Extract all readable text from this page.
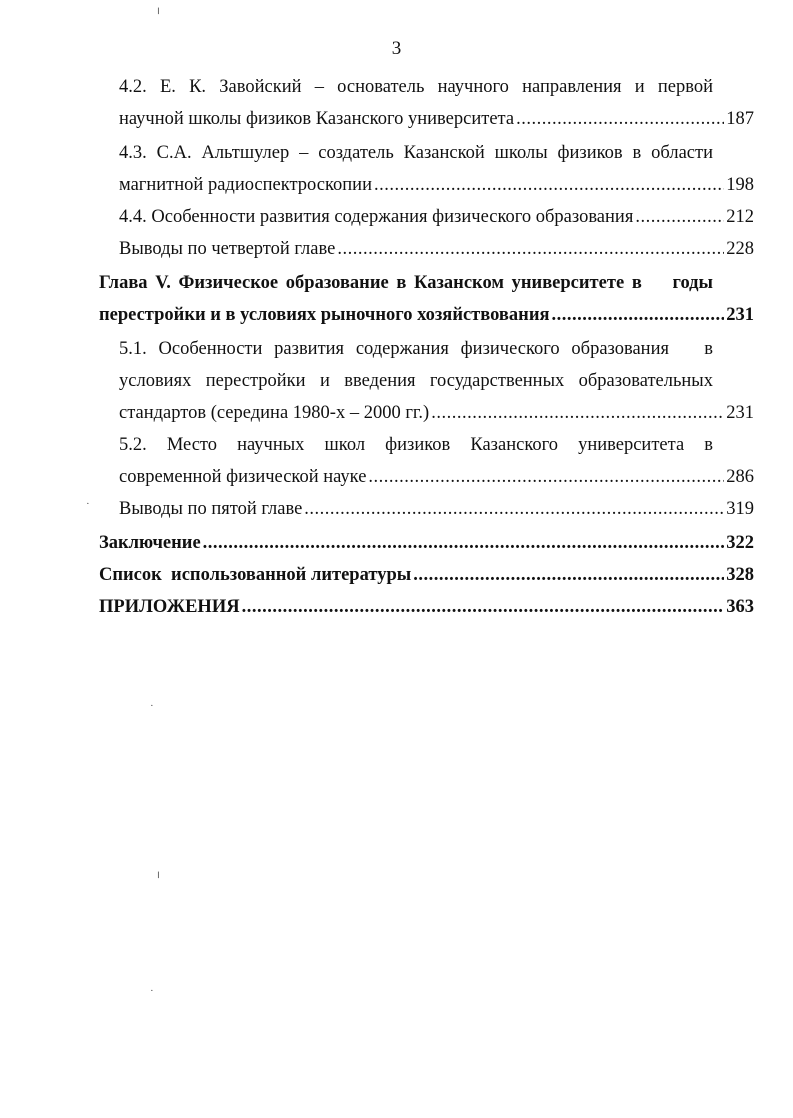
3
4.2. Е. К. Завойский – основатель научного направления и первой
научной школы физиков Казанского университета .....	187
4.3. С.А. Альтшулер – создатель Казанской школы физиков в области
магнитной радиоспектроскопии .....	198
4.4. Особенности развития содержания физического образования .....	212
Выводы по четвертой главе .....	228
Глава V. Физическое образование в Казанском университете в    годы
перестройки и в условиях рыночного хозяйствования .....	231
5.1. Особенности развития содержания физического образования   в
условиях перестройки и введения государственных образовательных
стандартов (середина 1980-х – 2000 гг.) .....	231
5.2. Место научных школ физиков Казанского университета в
современной физической науке .....	286
Выводы по пятой главе .....	319
Заключение .....	322
Список  использованной литературы .....	328
ПРИЛОЖЕНИЯ .....	363
╵
╵
·
·
·
